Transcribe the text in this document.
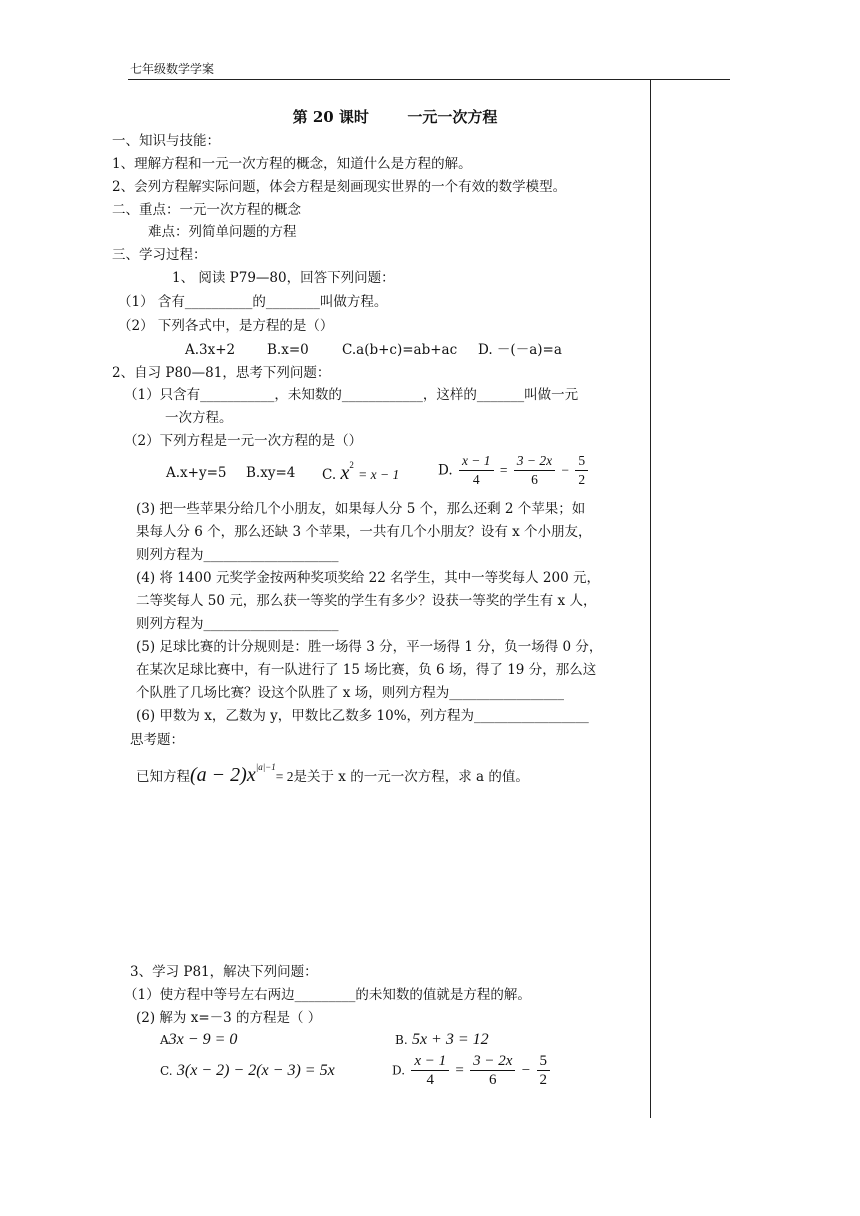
七年级数学学案
第 20 课时	一元一次方程
一、知识与技能：
1、理解方程和一元一次方程的概念，知道什么是方程的解。
2、会列方程解实际问题，体会方程是刻画现实世界的一个有效的数学模型。
二、重点：一元一次方程的概念
难点：列简单问题的方程
三、学习过程：
1、 阅读 P79—80，回答下列问题：
（1） 含有__________的________叫做方程。
（2） 下列各式中，是方程的是（）
A.3x+2 B.x=0 C.a(b+c)=ab+ac D. －(－a)=a
2、自习 P80—81，思考下列问题：
（1）只含有___________，未知数的____________，这样的_______叫做一元
一次方程。
（2）下列方程是一元一次方程的是（）
A.x+y=5 B.xy=4 C. $x^2 = x - 1$	D. $\frac{x - 1}{4} = \frac{3 - 2x}{6} - \frac{5}{2}$
(3) 把一些苹果分给几个小朋友，如果每人分 5 个，那么还剩 2 个苹果；如
果每人分 6 个，那么还缺 3 个苹果，一共有几个小朋友？设有 x 个小朋友，
则列方程为____________________
(4) 将 1400 元奖学金按两种奖项奖给 22 名学生，其中一等奖每人 200 元，
二等奖每人 50 元，那么获一等奖的学生有多少？设获一等奖的学生有 x 人，
则列方程为____________________
(5) 足球比赛的计分规则是：胜一场得 3 分，平一场得 1 分，负一场得 0 分，
在某次足球比赛中，有一队进行了 15 场比赛，负 6 场，得了 19 分，那么这
个队胜了几场比赛？设这个队胜了 x 场，则列方程为_________________
(6) 甲数为 x，乙数为 y，甲数比乙数多 10%，列方程为_________________
思考题：
已知方程$(a - 2)x^{|a|-1}= 2$是关于 x 的一元一次方程，求 a 的值。
3、学习 P81，解决下列问题：
（1）使方程中等号左右两边_________的未知数的值就是方程的解。
(2) 解为 x=－3 的方程是（ ）
A3x − 9 = 0	B. 5x + 3 = 12
C. 3(x − 2) − 2(x − 3) = 5x	D. $\frac{x - 1}{4} = \frac{3 - 2x}{6} - \frac{5}{2}$
